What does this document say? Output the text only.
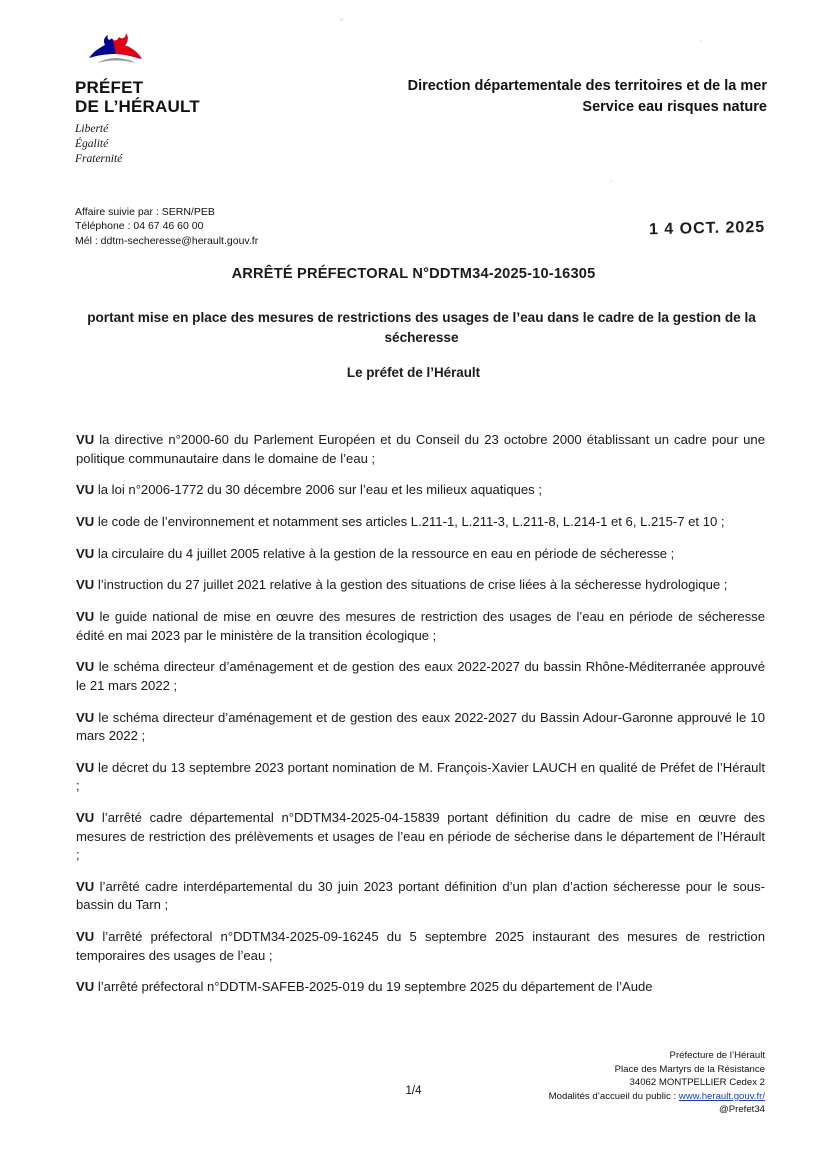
PRÉFET
DE L’HÉRAULT
Liberté
Égalité
Fraternité
Direction départementale des territoires et de la mer
Service eau risques nature
Affaire suivie par : SERN/PEB
Téléphone : 04 67 46 60 00
Mél : ddtm-secheresse@herault.gouv.fr
1 4 OCT. 2025
ARRÊTÉ PRÉFECTORAL N°DDTM34-2025-10-16305
portant mise en place des mesures de restrictions des usages de l’eau dans le cadre de la gestion de la sécheresse
Le préfet de l’Hérault

VU la directive n°2000-60 du Parlement Européen et du Conseil du 23 octobre 2000 établissant un cadre pour une politique communautaire dans le domaine de l’eau ;

VU la loi n°2006-1772 du 30 décembre 2006 sur l’eau et les milieux aquatiques ;

VU le code de l’environnement et notamment ses articles L.211-1, L.211-3, L.211-8, L.214-1 et 6, L.215-7 et 10 ;

VU la circulaire du 4 juillet 2005 relative à la gestion de la ressource en eau en période de sécheresse ;

VU l’instruction du 27 juillet 2021 relative à la gestion des situations de crise liées à la sécheresse hydrologique ;

VU le guide national de mise en œuvre des mesures de restriction des usages de l’eau en période de sécheresse édité en mai 2023 par le ministère de la transition écologique ;

VU le schéma directeur d’aménagement et de gestion des eaux 2022-2027 du bassin Rhône-Méditerranée approuvé le 21 mars 2022 ;

VU le schéma directeur d’aménagement et de gestion des eaux 2022-2027 du Bassin Adour-Garonne approuvé le 10 mars 2022 ;

VU le décret du 13 septembre 2023 portant nomination de M. François-Xavier LAUCH en qualité de Préfet de l’Hérault ;

VU l’arrêté cadre départemental n°DDTM34-2025-04-15839 portant définition du cadre de mise en œuvre des mesures de restriction des prélèvements et usages de l’eau en période de sécherise dans le département de l’Hérault ;

VU l’arrêté cadre interdépartemental du 30 juin 2023 portant définition d’un plan d’action sécheresse pour le sous-bassin du Tarn ;

VU l’arrêté préfectoral n°DDTM34-2025-09-16245 du 5 septembre 2025 instaurant des mesures de restriction temporaires des usages de l’eau ;

VU l’arrêté préfectoral n°DDTM-SAFEB-2025-019 du 19 septembre 2025 du département de l’Aude

1/4
Préfecture de l’Hérault
Place des Martyrs de la Résistance
34062 MONTPELLIER Cedex 2
Modalités d’accueil du public : www.herault.gouv.fr/
@Prefet34
